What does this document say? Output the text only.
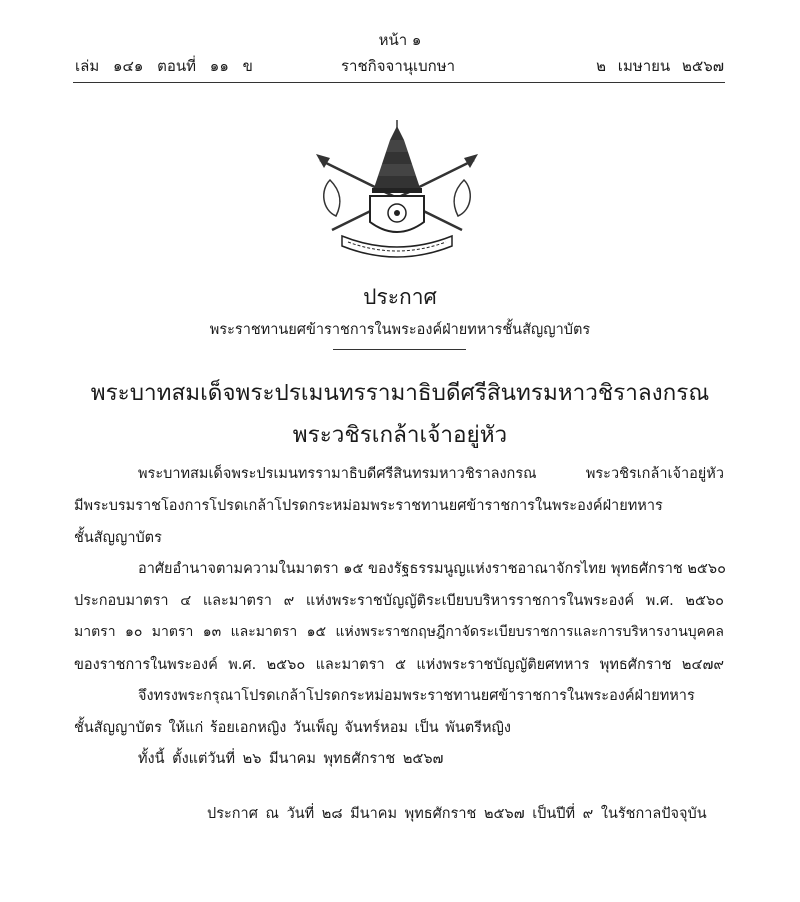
หน้า ๑
เล่ม ๑๔๑ ตอนที่ ๑๑ ข	ราชกิจจานุเบกษา	๒ เมษายน ๒๕๖๗
ประกาศ
พระราชทานยศข้าราชการในพระองค์ฝ่ายทหารชั้นสัญญาบัตร
พระบาทสมเด็จพระปรเมนทรรามาธิบดีศรีสินทรมหาวชิราลงกรณ
พระวชิรเกล้าเจ้าอยู่หัว
พระบาทสมเด็จพระปรเมนทรรามาธิบดีศรีสินทรมหาวชิราลงกรณ พระวชิรเกล้าเจ้าอยู่หัว
มีพระบรมราชโองการโปรดเกล้าโปรดกระหม่อมพระราชทานยศข้าราชการในพระองค์ฝ่ายทหาร
ชั้นสัญญาบัตร
อาศัยอำนาจตามความในมาตรา ๑๕ ของรัฐธรรมนูญแห่งราชอาณาจักรไทย พุทธศักราช ๒๕๖๐
ประกอบมาตรา ๔ และมาตรา ๙ แห่งพระราชบัญญัติระเบียบบริหารราชการในพระองค์ พ.ศ. ๒๕๖๐
มาตรา ๑๐ มาตรา ๑๓ และมาตรา ๑๕ แห่งพระราชกฤษฎีกาจัดระเบียบราชการและการบริหารงานบุคคล
ของราชการในพระองค์ พ.ศ. ๒๕๖๐ และมาตรา ๕ แห่งพระราชบัญญัติยศทหาร พุทธศักราช ๒๔๗๙
จึงทรงพระกรุณาโปรดเกล้าโปรดกระหม่อมพระราชทานยศข้าราชการในพระองค์ฝ่ายทหาร
ชั้นสัญญาบัตร ให้แก่ ร้อยเอกหญิง วันเพ็ญ จันทร์หอม เป็น พันตรีหญิง
ทั้งนี้ ตั้งแต่วันที่ ๒๖ มีนาคม พุทธศักราช ๒๕๖๗
ประกาศ ณ วันที่ ๒๘ มีนาคม พุทธศักราช ๒๕๖๗ เป็นปีที่ ๙ ในรัชกาลปัจจุบัน
